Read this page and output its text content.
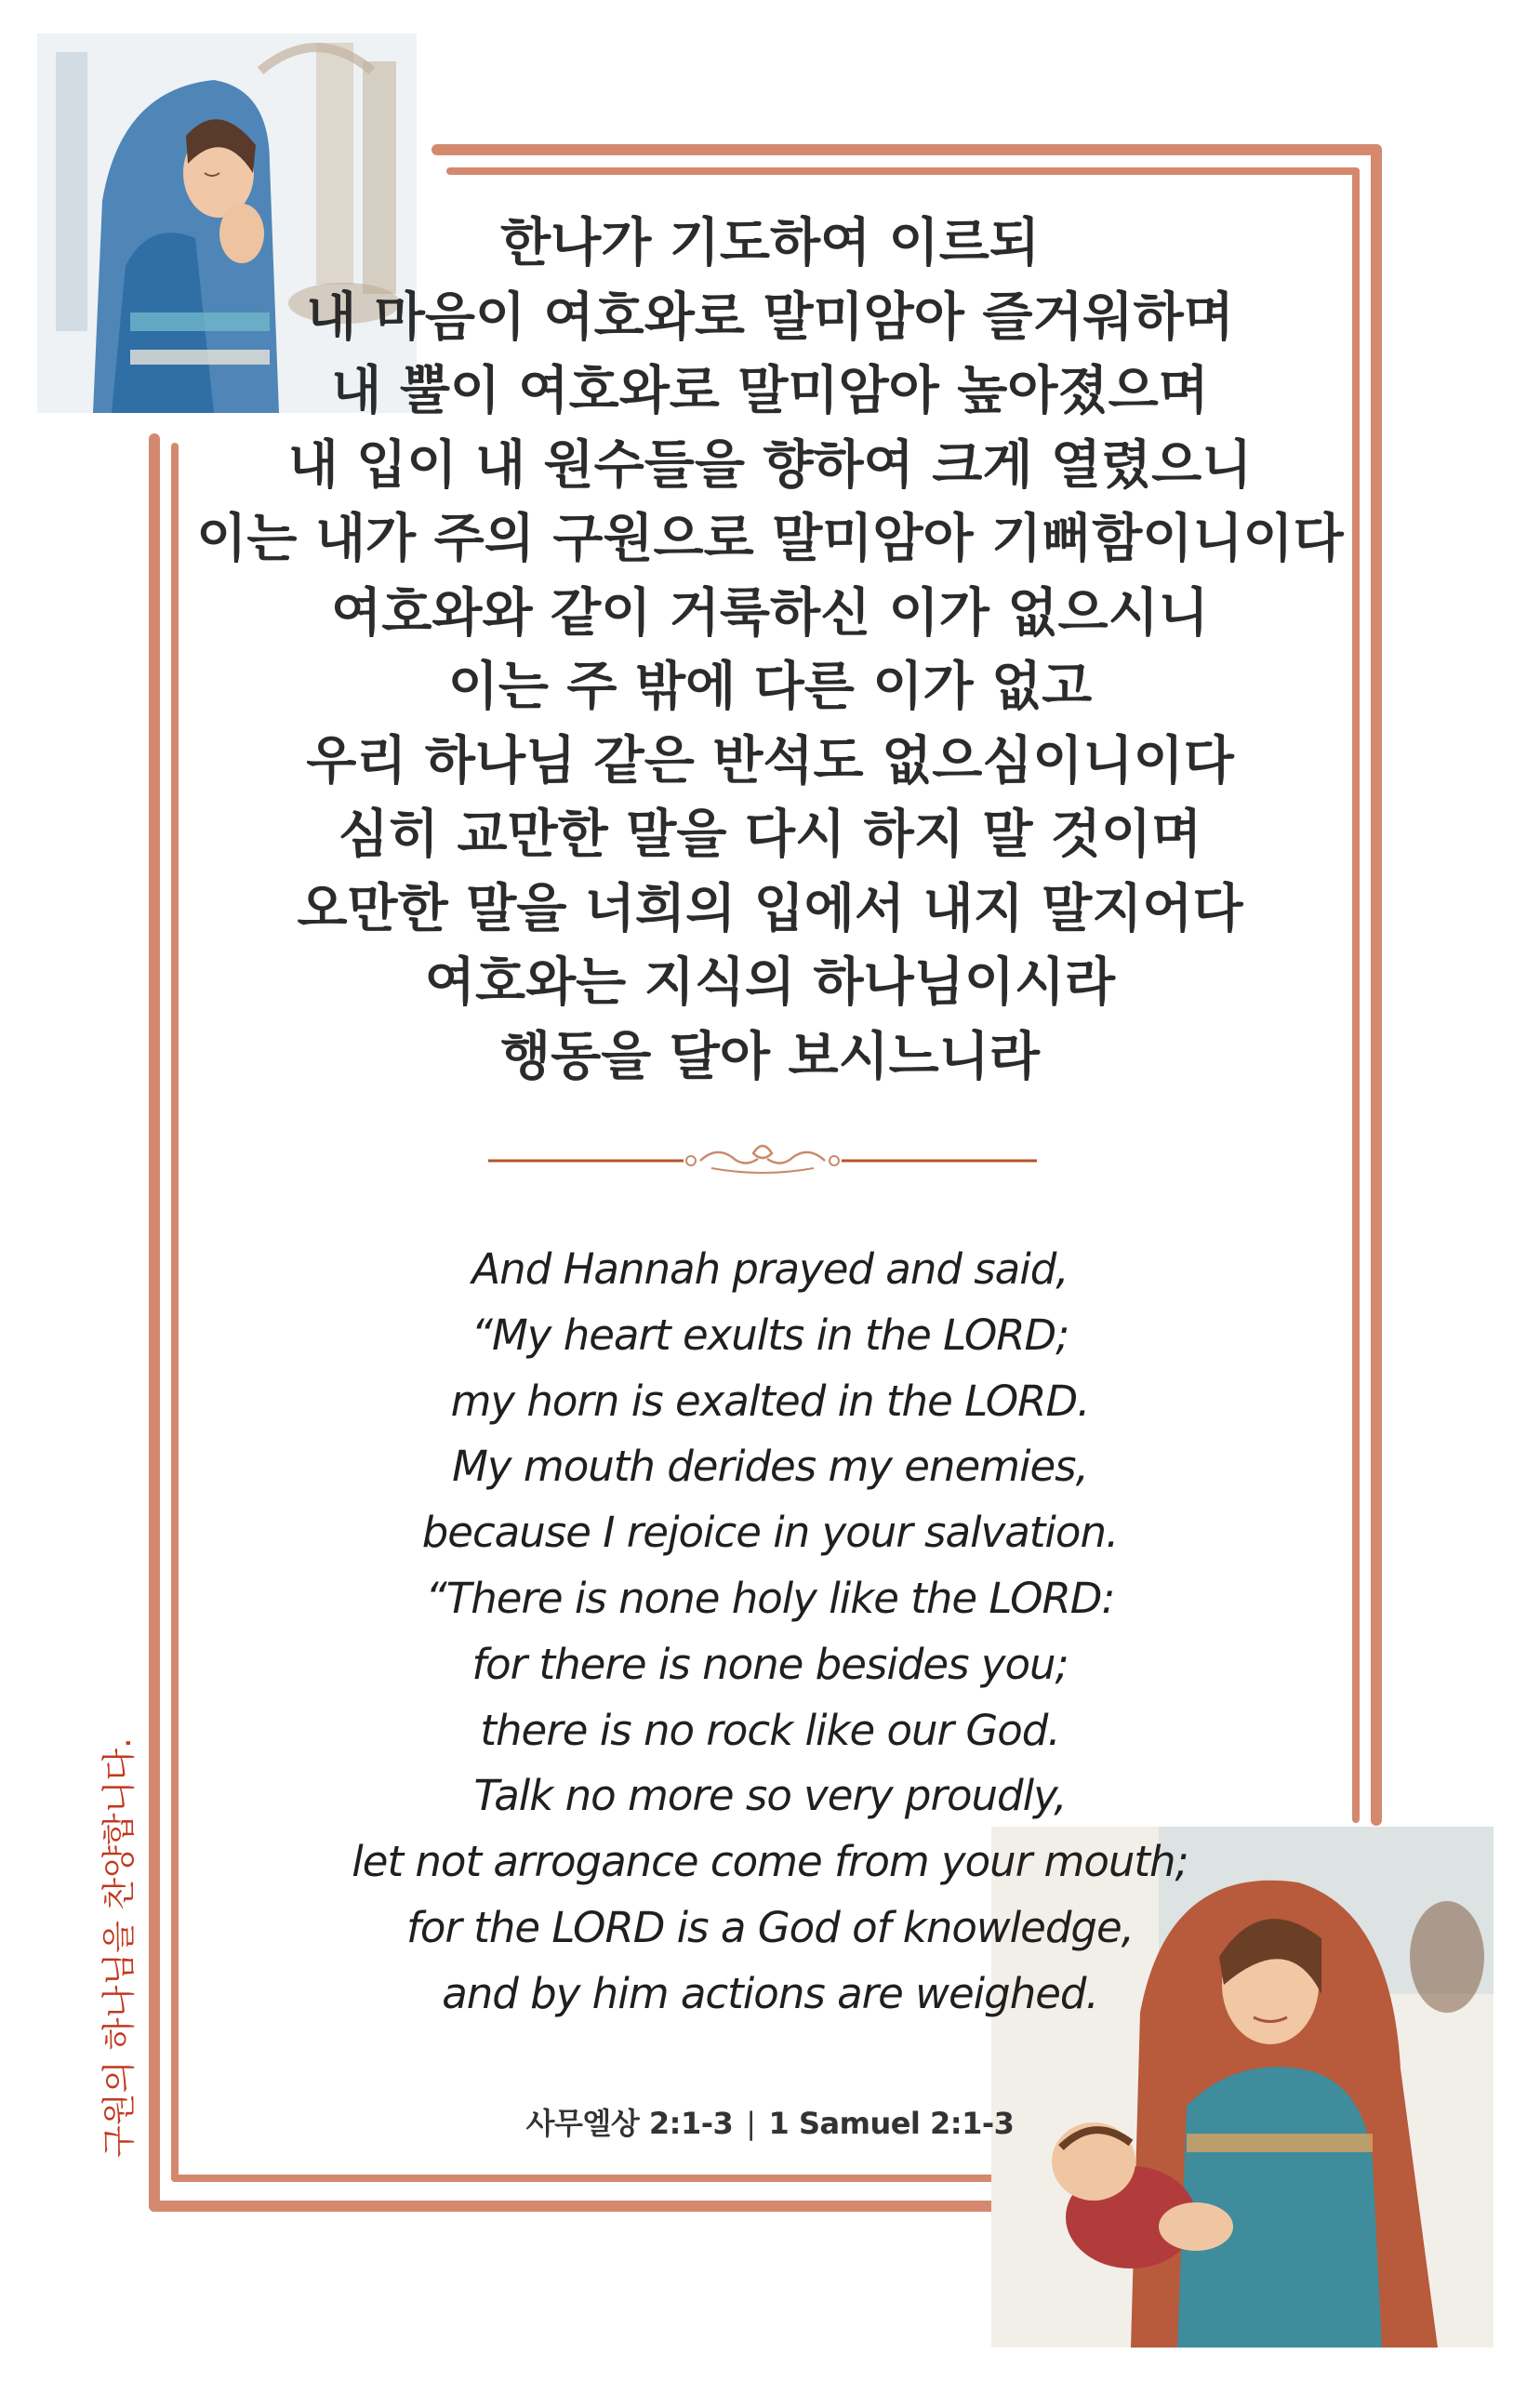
한나가 기도하여 이르되
내 마음이 여호와로 말미암아 즐거워하며
내 뿔이 여호와로 말미암아 높아졌으며
내 입이 내 원수들을 향하여 크게 열렸으니
이는 내가 주의 구원으로 말미암아 기뻐함이니이다
여호와와 같이 거룩하신 이가 없으시니
이는 주 밖에 다른 이가 없고
우리 하나님 같은 반석도 없으심이니이다
심히 교만한 말을 다시 하지 말 것이며
오만한 말을 너희의 입에서 내지 말지어다
여호와는 지식의 하나님이시라
행동을 달아 보시느니라
And Hannah prayed and said,
“My heart exults in the LORD;
my horn is exalted in the LORD.
My mouth derides my enemies,
because I rejoice in your salvation.
“There is none holy like the LORD:
for there is none besides you;
there is no rock like our God.
Talk no more so very proudly,
let not arrogance come from your mouth;
for the LORD is a God of knowledge,
and by him actions are weighed.
사무엘상 2:1-3 | 1 Samuel 2:1-3
구원의 하나님을 찬양합니다.
